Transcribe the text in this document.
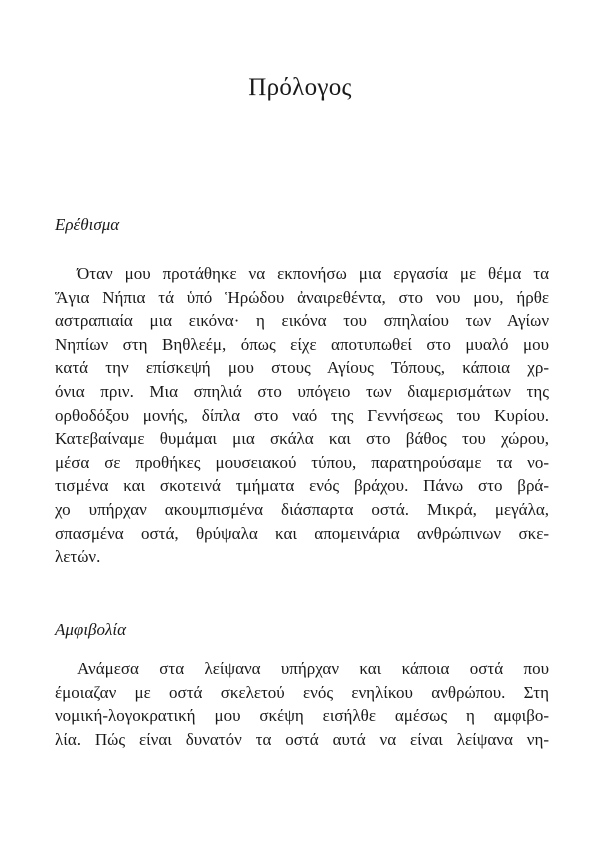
Πρόλογος
Ερέθισμα
Όταν μου προτάθηκε να εκπονήσω μια εργασία με θέμα τα
Ἅγια Νήπια τά ὑπό Ἡρώδου ἀναιρεθέντα, στο νου μου, ήρθε
αστραπιαία μια εικόνα· η εικόνα του σπηλαίου των Αγίων
Νηπίων στη Βηθλεέμ, όπως είχε αποτυπωθεί στο μυαλό μου
κατά την επίσκεψή μου στους Αγίους Τόπους, κάποια χρ-
όνια πριν. Μια σπηλιά στο υπόγειο των διαμερισμάτων της
ορθοδόξου μονής, δίπλα στο ναό της Γεννήσεως του Κυρίου.
Κατεβαίναμε θυμάμαι μια σκάλα και στο βάθος του χώρου,
μέσα σε προθήκες μουσειακού τύπου, παρατηρούσαμε τα νο-
τισμένα και σκοτεινά τμήματα ενός βράχου. Πάνω στο βρά-
χο υπήρχαν ακουμπισμένα διάσπαρτα οστά. Μικρά, μεγάλα,
σπασμένα οστά, θρύψαλα και απομεινάρια ανθρώπινων σκε-
λετών.
Αμφιβολία
Ανάμεσα στα λείψανα υπήρχαν και κάποια οστά που
έμοιαζαν με οστά σκελετού ενός ενηλίκου ανθρώπου. Στη
νομική-λογοκρατική μου σκέψη εισήλθε αμέσως η αμφιβο-
λία. Πώς είναι δυνατόν τα οστά αυτά να είναι λείψανα νη-
